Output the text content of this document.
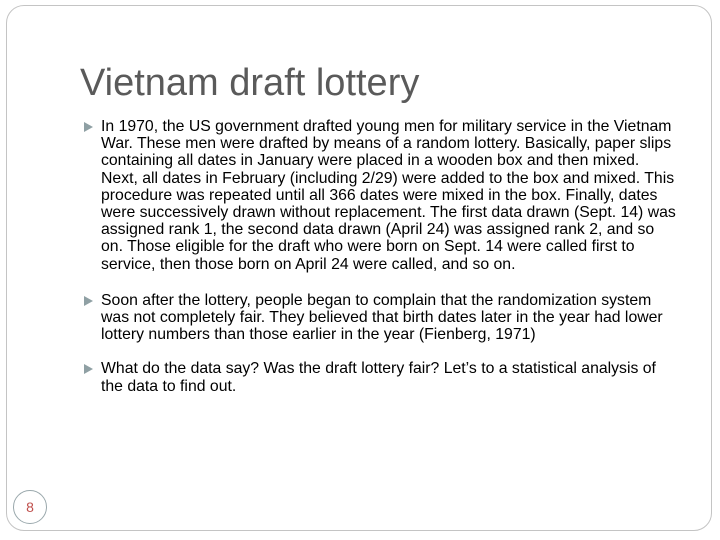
Vietnam draft lottery
In 1970, the US government drafted young men for military service in the Vietnam War. These men were drafted by means of a random lottery. Basically, paper slips containing all dates in January were placed in a wooden box and then mixed. Next, all dates in February (including 2/29) were added to the box and mixed. This procedure was repeated until all 366 dates were mixed in the box. Finally, dates were successively drawn without replacement. The first data drawn (Sept. 14) was assigned rank 1, the second data drawn (April 24) was assigned rank 2, and so on. Those eligible for the draft who were born on Sept. 14 were called first to service, then those born on April 24 were called, and so on.
Soon after the lottery, people began to complain that the randomization system was not completely fair. They believed that birth dates later in the year had lower lottery numbers than those earlier in the year (Fienberg, 1971)
What do the data say? Was the draft lottery fair? Let’s to a statistical analysis of the data to find out.
8
